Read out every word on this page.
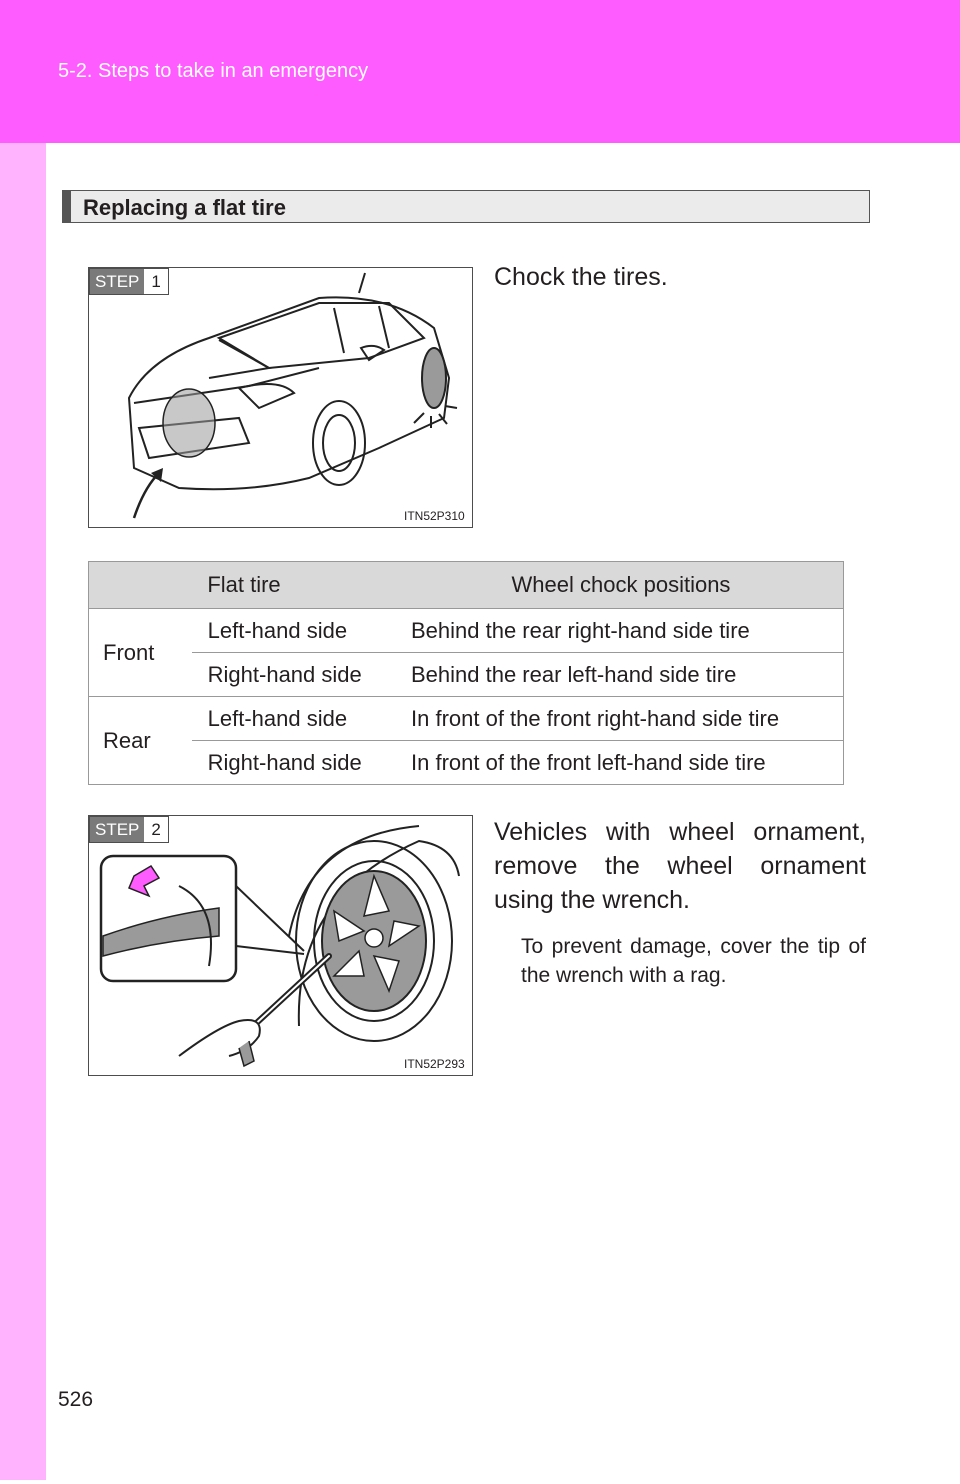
5-2. Steps to take in an emergency
Replacing a flat tire
STEP 1
ITN52P310
Chock the tires.
Flat tire		Wheel chock positions
Front	Left-hand side	Behind the rear right-hand side tire
	Right-hand side	Behind the rear left-hand side tire
Rear	Left-hand side	In front of the front right-hand side tire
	Right-hand side	In front of the front left-hand side tire
STEP 2
ITN52P293
Vehicles with wheel ornament, remove the wheel ornament using the wrench.
To prevent damage, cover the tip of the wrench with a rag.
526
